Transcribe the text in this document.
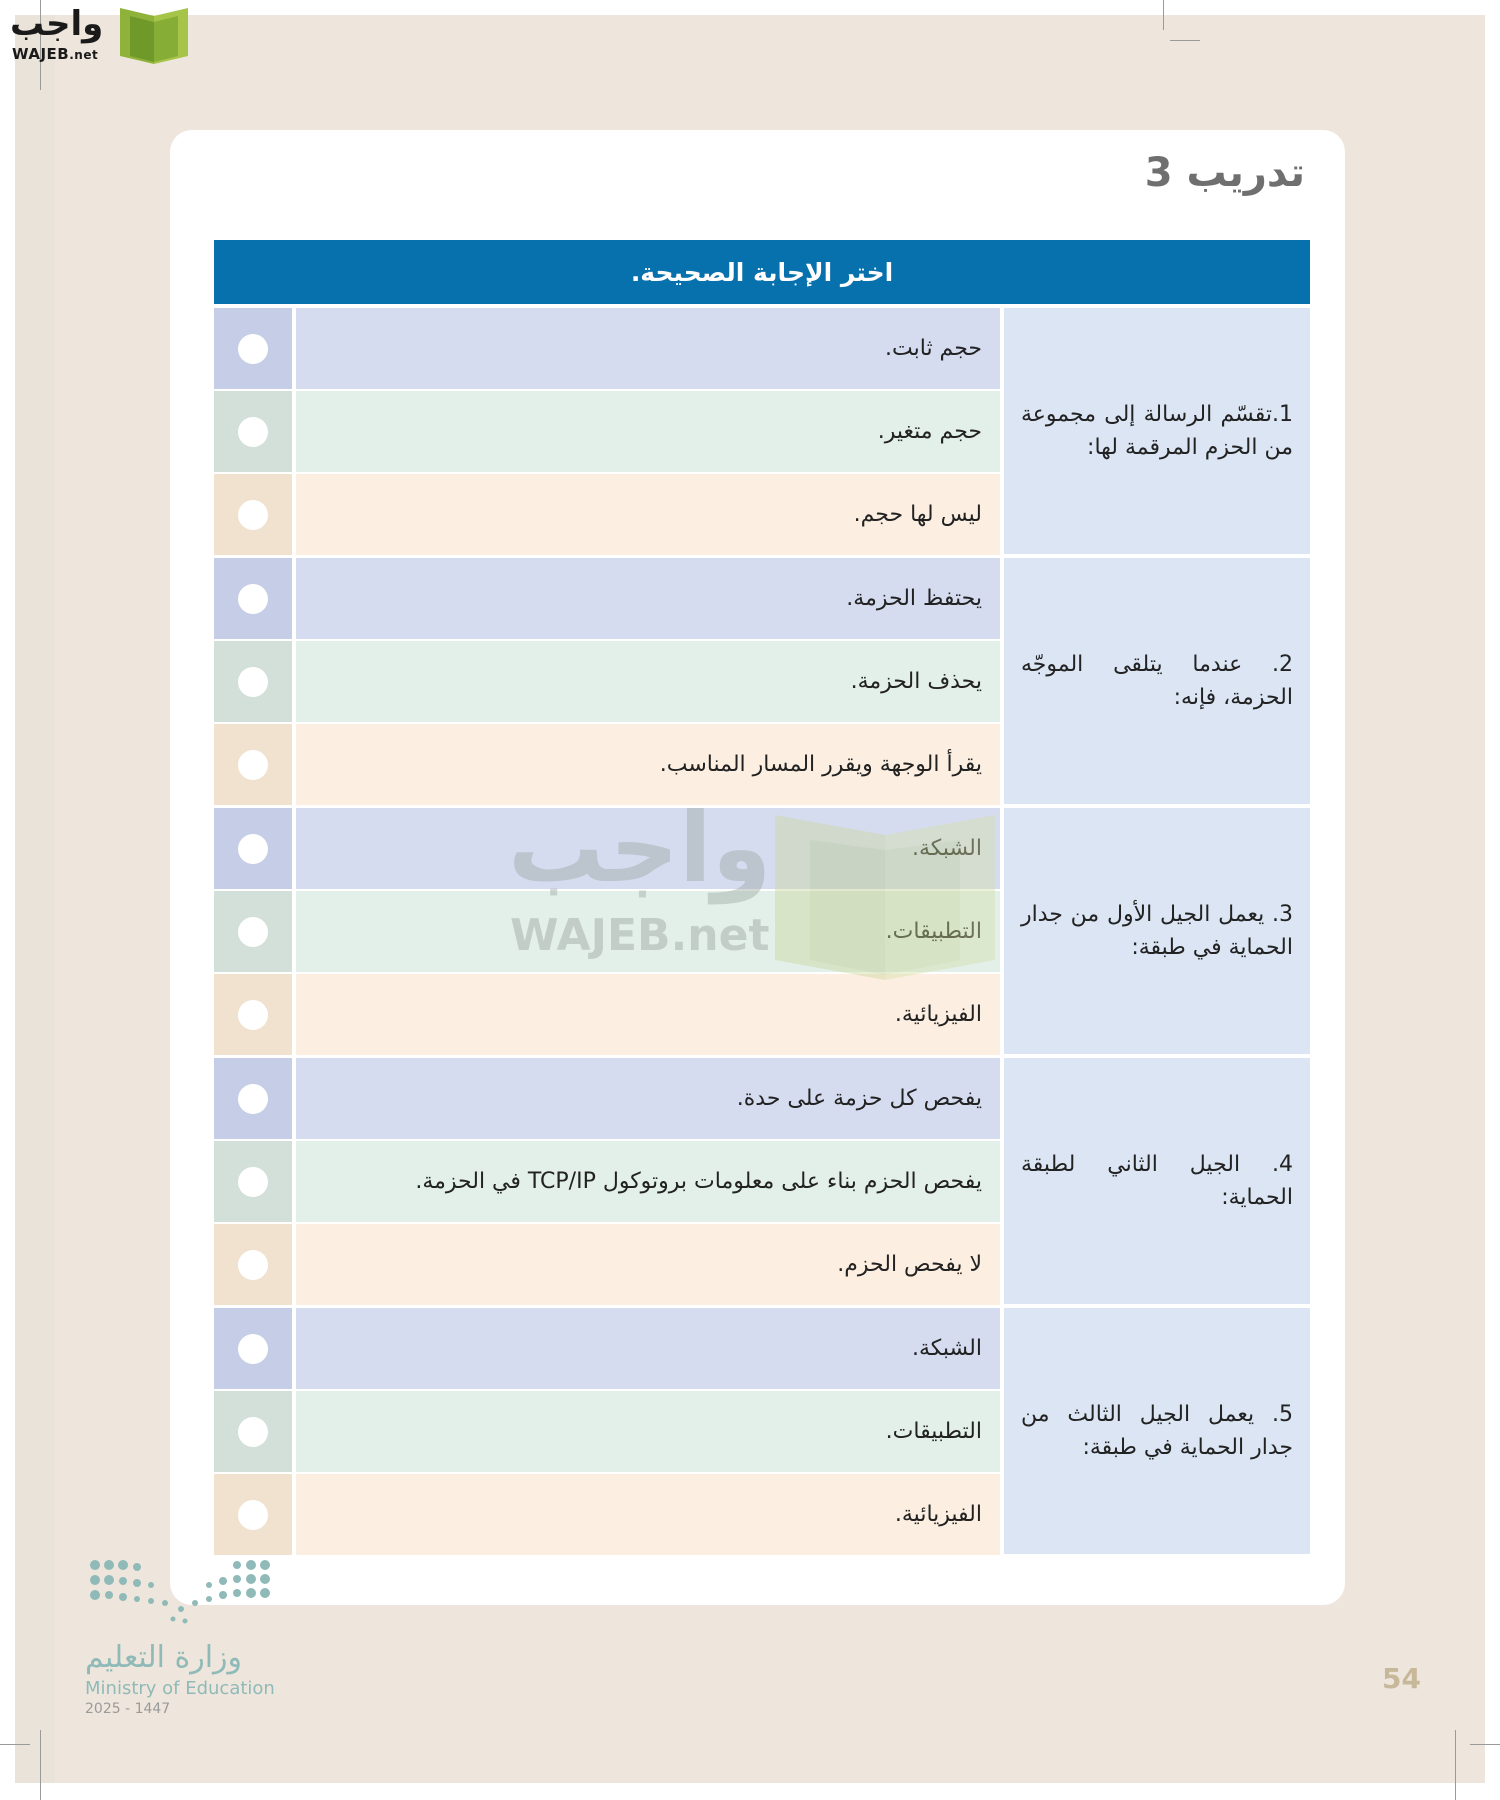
واجب
WAJEB.net
تدريب 3
اختر الإجابة الصحيحة.
1.تقسّم الرسالة إلى مجموعة من الحزم المرقمة لها:
حجم ثابت.
حجم متغير.
ليس لها حجم.
2. عندما يتلقى الموجّه الحزمة، فإنه:
يحتفظ الحزمة.
يحذف الحزمة.
يقرأ الوجهة ويقرر المسار المناسب.
3. يعمل الجيل الأول من جدار الحماية في طبقة:
الشبكة.
التطبيقات.
الفيزيائية.
4. الجيل الثاني لطبقة الحماية:
يفحص كل حزمة على حدة.
يفحص الحزم بناء على معلومات بروتوكول TCP/IP في الحزمة.
لا يفحص الحزم.
5. يعمل الجيل الثالث من جدار الحماية في طبقة:
الشبكة.
التطبيقات.
الفيزيائية.
واجب
WAJEB.net
وزارة التعليم
Ministry of Education
2025 - 1447
54
